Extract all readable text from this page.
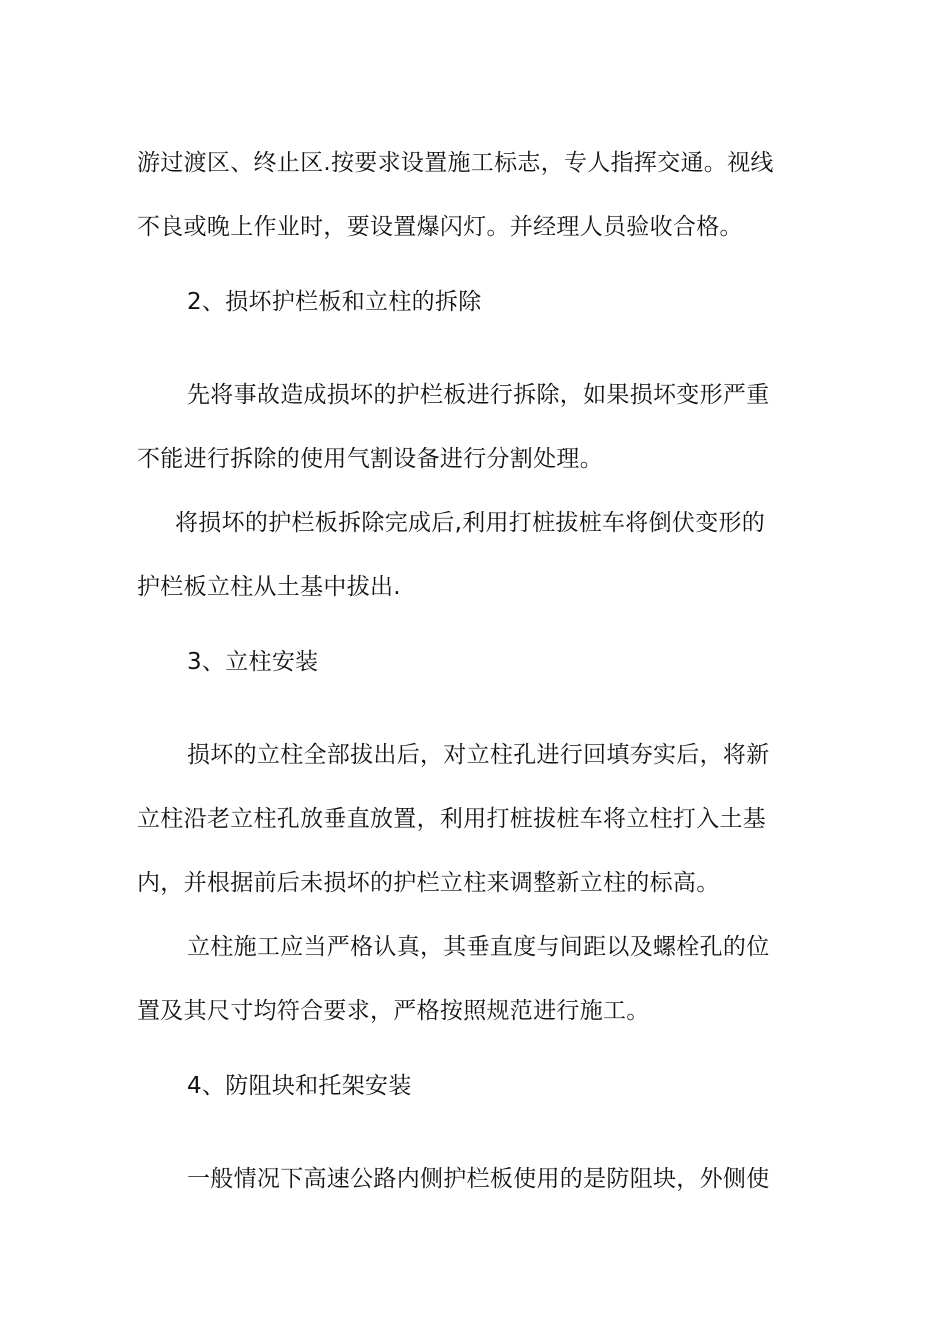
游过渡区、终止区.按要求设置施工标志，专人指挥交通。视线
不良或晚上作业时，要设置爆闪灯。并经理人员验收合格。
2、损坏护栏板和立柱的拆除
先将事故造成损坏的护栏板进行拆除，如果损坏变形严重
不能进行拆除的使用气割设备进行分割处理。
将损坏的护栏板拆除完成后,利用打桩拔桩车将倒伏变形的
护栏板立柱从土基中拔出.
3、立柱安装
损坏的立柱全部拔出后，对立柱孔进行回填夯实后，将新
立柱沿老立柱孔放垂直放置，利用打桩拔桩车将立柱打入土基
内，并根据前后未损坏的护栏立柱来调整新立柱的标高。
立柱施工应当严格认真，其垂直度与间距以及螺栓孔的位
置及其尺寸均符合要求，严格按照规范进行施工。
4、防阻块和托架安装
一般情况下高速公路内侧护栏板使用的是防阻块，外侧使
